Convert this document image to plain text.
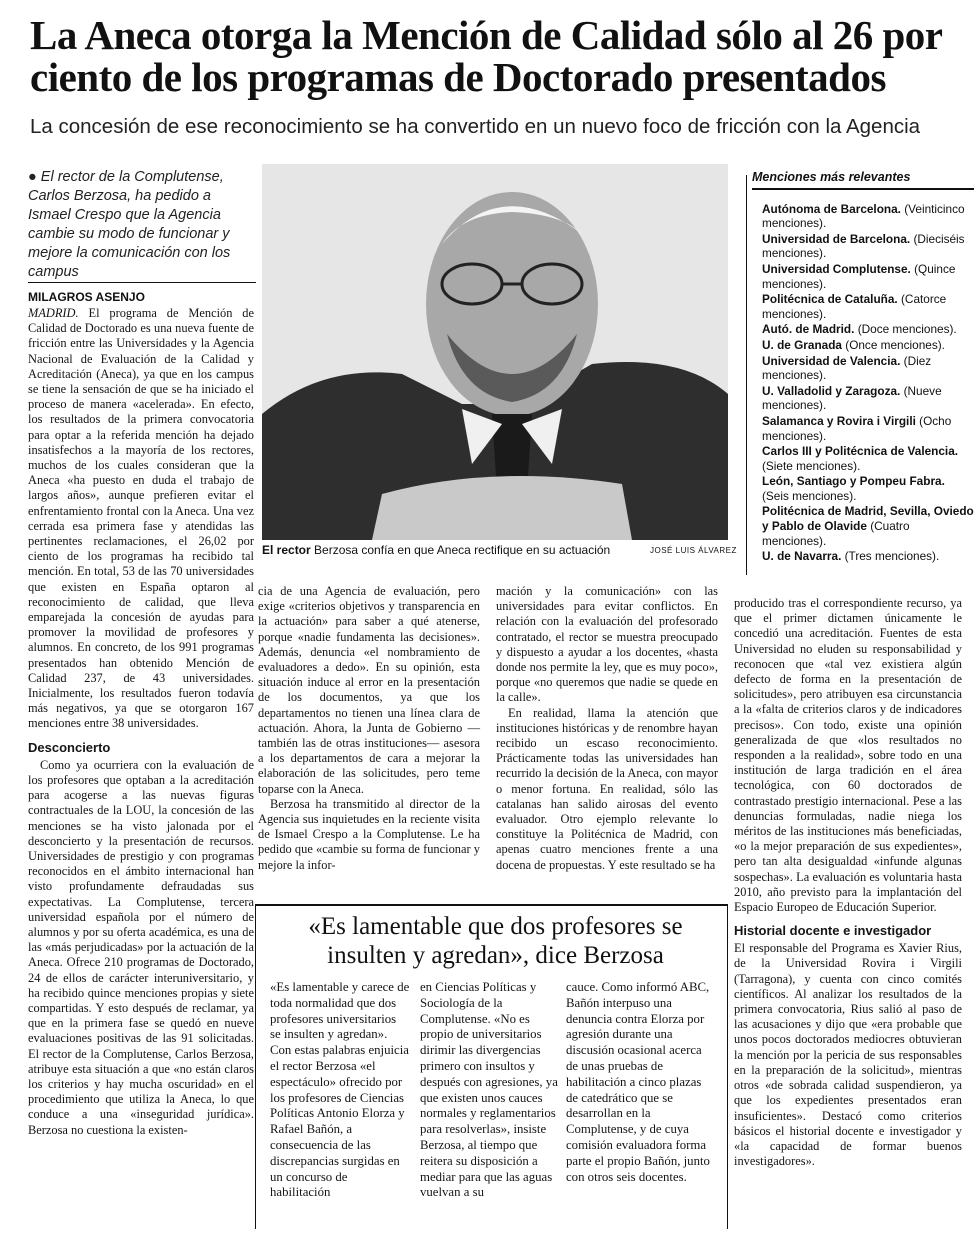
La Aneca otorga la Mención de Calidad sólo al 26 por ciento de los programas de Doctorado presentados
La concesión de ese reconocimiento se ha convertido en un nuevo foco de fricción con la Agencia
● El rector de la Complutense, Carlos Berzosa, ha pedido a Ismael Crespo que la Agencia cambie su modo de funcionar y mejore la comunicación con los campus
MILAGROS ASENJO

MADRID. El programa de Mención de Calidad de Doctorado es una nueva fuente de fricción entre las Universidades y la Agencia Nacional de Evaluación de la Calidad y Acreditación (Aneca), ya que en los campus se tiene la sensación de que se ha iniciado el proceso de manera «acelerada». En efecto, los resultados de la primera convocatoria para optar a la referida mención ha dejado insatisfechos a la mayoría de los rectores, muchos de los cuales consideran que la Aneca «ha puesto en duda el trabajo de largos años», aunque prefieren evitar el enfrentamiento frontal con la Aneca. Una vez cerrada esa primera fase y atendidas las pertinentes reclamaciones, el 26,02 por ciento de los programas ha recibido tal mención. En total, 53 de las 70 universidades que existen en España optaron al reconocimiento de calidad, que lleva emparejada la concesión de ayudas para promover la movilidad de profesores y alumnos. En concreto, de los 991 programas presentados han obtenido Mención de Calidad 237, de 43 universidades. Inicialmente, los resultados fueron todavía más negativos, ya que se otorgaron 167 menciones entre 38 universidades.

Desconcierto

Como ya ocurriera con la evaluación de los profesores que optaban a la acreditación para acogerse a las nuevas figuras contractuales de la LOU, la concesión de las menciones se ha visto jalonada por el desconcierto y la presentación de recursos. Universidades de prestigio y con programas reconocidos en el ámbito internacional han visto profundamente defraudadas sus expectativas. La Complutense, tercera universidad española por el número de alumnos y por su oferta académica, es una de las «más perjudicadas» por la actuación de la Aneca. Ofrece 210 programas de Doctorado, 24 de ellos de carácter interuniversitario, y ha recibido quince menciones propias y siete compartidas. Y esto después de reclamar, ya que en la primera fase se quedó en nueve evaluaciones positivas de las 91 solicitadas. El rector de la Complutense, Carlos Berzosa, atribuye esta situación a que «no están claros los criterios y hay mucha oscuridad» en el procedimiento que utiliza la Aneca, lo que conduce a una «inseguridad jurídica». Berzosa no cuestiona la existen-

El rector Berzosa confía en que Aneca rectifique en su actuación	JOSÉ LUIS ÁLVAREZ
Menciones más relevantes
Autónoma de Barcelona. (Veinticinco menciones).
Universidad de Barcelona. (Dieciséis menciones).
Universidad Complutense. (Quince menciones).
Politécnica de Cataluña. (Catorce menciones).
Autó. de Madrid. (Doce menciones).
U. de Granada (Once menciones).
Universidad de Valencia. (Diez menciones).
U. Valladolid y Zaragoza. (Nueve menciones).
Salamanca y Rovira i Virgili (Ocho menciones).
Carlos III y Politécnica de Valencia. (Siete menciones).
León, Santiago y Pompeu Fabra. (Seis menciones).
Politécnica de Madrid, Sevilla, Oviedo y Pablo de Olavide (Cuatro menciones).
U. de Navarra. (Tres menciones).

cia de una Agencia de evaluación, pero exige «criterios objetivos y transparencia en la actuación» para saber a qué atenerse, porque «nadie fundamenta las decisiones». Además, denuncia «el nombramiento de evaluadores a dedo». En su opinión, esta situación induce al error en la presentación de los documentos, ya que los departamentos no tienen una línea clara de actuación. Ahora, la Junta de Gobierno —también las de otras instituciones— asesora a los departamentos de cara a mejorar la elaboración de las solicitudes, pero teme toparse con la Aneca.

Berzosa ha transmitido al director de la Agencia sus inquietudes en la reciente visita de Ismael Crespo a la Complutense. Le ha pedido que «cambie su forma de funcionar y mejore la infor-

mación y la comunicación» con las universidades para evitar conflictos. En relación con la evaluación del profesorado contratado, el rector se muestra preocupado y dispuesto a ayudar a los docentes, «hasta donde nos permite la ley, que es muy poco», porque «no queremos que nadie se quede en la calle».

En realidad, llama la atención que instituciones históricas y de renombre hayan recibido un escaso reconocimiento. Prácticamente todas las universidades han recurrido la decisión de la Aneca, con mayor o menor fortuna. En realidad, sólo las catalanas han salido airosas del evento evaluador. Otro ejemplo relevante lo constituye la Politécnica de Madrid, con apenas cuatro menciones frente a una docena de propuestas. Y este resultado se ha

producido tras el correspondiente recurso, ya que el primer dictamen únicamente le concedió una acreditación. Fuentes de esta Universidad no eluden su responsabilidad y reconocen que «tal vez existiera algún defecto de forma en la presentación de solicitudes», pero atribuyen esa circunstancia a la «falta de criterios claros y de indicadores precisos». Con todo, existe una opinión generalizada de que «los resultados no responden a la realidad», sobre todo en una institución de larga tradición en el área tecnológica, con 60 doctorados de contrastado prestigio internacional. Pese a las denuncias formuladas, nadie niega los méritos de las instituciones más beneficiadas, «o la mejor preparación de sus expedientes», pero tan alta desigualdad «infunde algunas sospechas». La evaluación es voluntaria hasta 2010, año previsto para la implantación del Espacio Europeo de Educación Superior.

Historial docente e investigador

El responsable del Programa es Xavier Rius, de la Universidad Rovira i Virgili (Tarragona), y cuenta con cinco comités científicos. Al analizar los resultados de la primera convocatoria, Rius salió al paso de las acusaciones y dijo que «era probable que unos pocos doctorados mediocres obtuvieran la mención por la pericia de sus responsables en la preparación de la solicitud», mientras otros «de sobrada calidad suspendieron, ya que los expedientes presentados eran insuficientes». Destacó como criterios básicos el historial docente e investigador y «la capacidad de formar buenos investigadores».

«Es lamentable que dos profesores se insulten y agredan», dice Berzosa

«Es lamentable y carece de toda normalidad que dos profesores universitarios se insulten y agredan». Con estas palabras enjuicia el rector Berzosa «el espectáculo» ofrecido por los profesores de Ciencias Políticas Antonio Elorza y Rafael Bañón, a consecuencia de las discrepancias surgidas en un concurso de habilitación

en Ciencias Políticas y Sociología de la Complutense. «No es propio de universitarios dirimir las divergencias primero con insultos y después con agresiones, ya que existen unos cauces normales y reglamentarios para resolverlas», insiste Berzosa, al tiempo que reitera su disposición a mediar para que las aguas vuelvan a su

cauce. Como informó ABC, Bañón interpuso una denuncia contra Elorza por agresión durante una discusión ocasional acerca de unas pruebas de habilitación a cinco plazas de catedrático que se desarrollan en la Complutense, y de cuya comisión evaluadora forma parte el propio Bañón, junto con otros seis docentes.
